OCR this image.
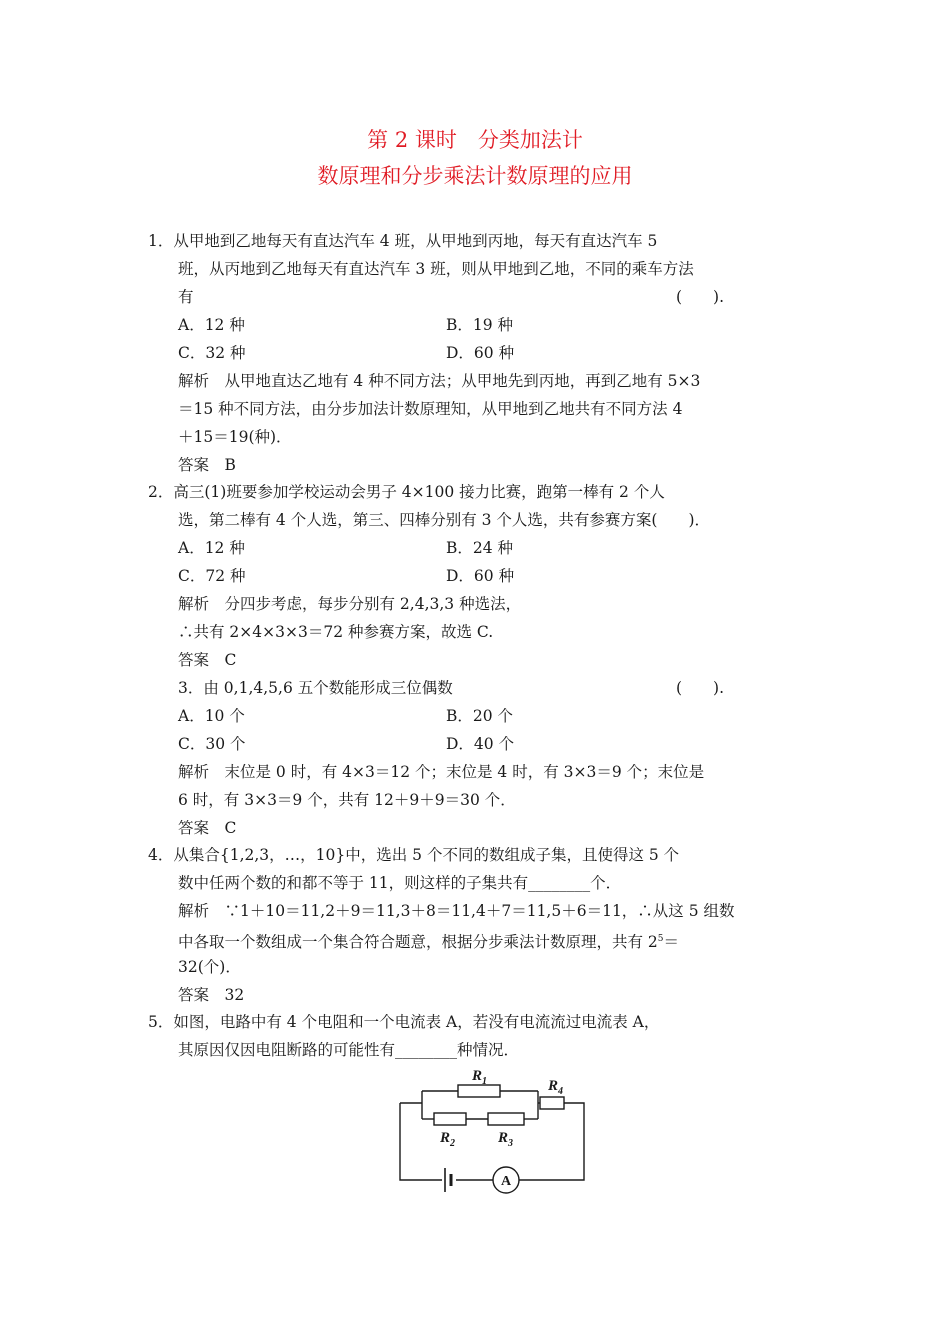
第 2 课时　分类加法计
数原理和分步乘法计数原理的应用
1．从甲地到乙地每天有直达汽车 4 班，从甲地到丙地，每天有直达汽车 5
班，从丙地到乙地每天有直达汽车 3 班，则从甲地到乙地，不同的乘车方法
有	(　　).
A．12 种	B．19 种
C．32 种	D．60 种
解析　从甲地直达乙地有 4 种不同方法；从甲地先到丙地，再到乙地有 5×3
＝15 种不同方法，由分步加法计数原理知，从甲地到乙地共有不同方法 4
＋15＝19(种)．
答案　B
2．高三(1)班要参加学校运动会男子 4×100 接力比赛，跑第一棒有 2 个人
选，第二棒有 4 个人选，第三、四棒分别有 3 个人选，共有参赛方案(　　)．
A．12 种	B．24 种
C．72 种	D．60 种
解析　分四步考虑，每步分别有 2,4,3,3 种选法，
∴共有 2×4×3×3＝72 种参赛方案，故选 C.
答案　C
3．由 0,1,4,5,6 五个数能形成三位偶数	(　　).
A．10 个	B．20 个
C．30 个	D．40 个
解析　末位是 0 时，有 4×3＝12 个；末位是 4 时，有 3×3＝9 个；末位是
6 时，有 3×3＝9 个，共有 12＋9＋9＝30 个．
答案　C
4．从集合{1,2,3，…，10}中，选出 5 个不同的数组成子集，且使得这 5 个
数中任两个数的和都不等于 11，则这样的子集共有________个．
解析　∵1＋10＝11,2＋9＝11,3＋8＝11,4＋7＝11,5＋6＝11，∴从这 5 组数
中各取一个数组成一个集合符合题意，根据分步乘法计数原理，共有 $2^5=$
32(个)．
答案　32
5．如图，电路中有 4 个电阻和一个电流表 A，若没有电流流过电流表 A，
其原因仅因电阻断路的可能性有________种情况．
$R_1$
$R_2$	$R_3$
$R_4$
A
